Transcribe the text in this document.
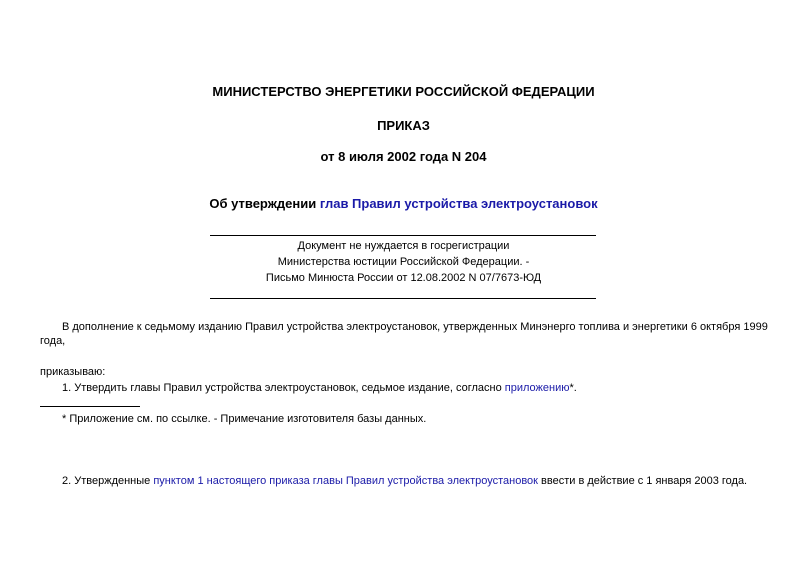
МИНИСТЕРСТВО ЭНЕРГЕТИКИ РОССИЙСКОЙ ФЕДЕРАЦИИ
ПРИКАЗ
от 8 июля 2002 года N 204
Об утверждении глав Правил устройства электроустановок
Документ не нуждается в госрегистрации
Министерства юстиции Российской Федерации. -
Письмо Минюста России от 12.08.2002 N 07/7673-ЮД
В дополнение к седьмому изданию Правил устройства электроустановок, утвержденных Минэнерго топлива и энергетики 6 октября 1999
года,
приказываю:
1. Утвердить главы Правил устройства электроустановок, седьмое издание, согласно приложению*.
* Приложение см. по ссылке. - Примечание изготовителя базы данных.
2. Утвержденные пунктом 1 настоящего приказа главы Правил устройства электроустановок ввести в действие с 1 января 2003 года.
